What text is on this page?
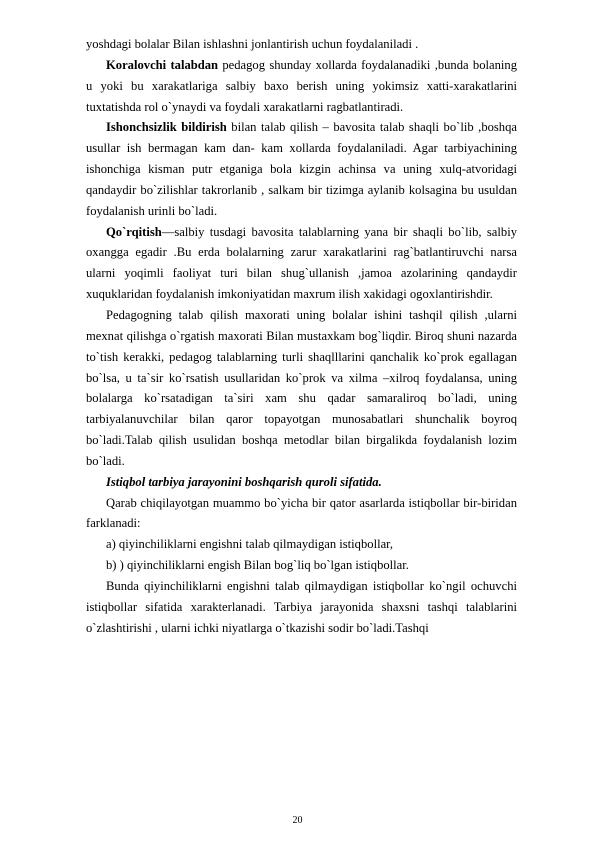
yoshdagi bolalar Bilan ishlashni jonlantirish uchun foydalaniladi .

Koralovchi talabdan pedagog shunday xollarda foydalanadiki ,bunda bolaning u yoki bu xarakatlariga salbiy baxo berish uning yokimsiz xatti-xarakatlarini tuxtatishda rol o`ynaydi va foydali xarakatlarni ragbatlantiradi.

Ishonchsizlik bildirish bilan talab qilish – bavosita talab shaqli bo`lib ,boshqa usullar ish bermagan kam dan- kam xollarda foydalaniladi. Agar tarbiyachining ishonchiga kisman putr etganiga bola kizgin achinsa va uning xulq-atvoridagi qandaydir bo`zilishlar takrorlanib , salkam bir tizimga aylanib kolsagina bu usuldan foydalanish urinli bo`ladi.

Qo`rqitish—salbiy tusdagi bavosita talablarning yana bir shaqli bo`lib, salbiy oxangga egadir .Bu erda bolalarning zarur xarakatlarini rag`batlantiruvchi narsa ularni yoqimli faoliyat turi bilan shug`ullanish ,jamoa azolarining qandaydir xuquklaridan foydalanish imkoniyatidan maxrum ilish xakidagi ogoxlantirishdir.

Pedagogning talab qilish maxorati uning bolalar ishini tashqil qilish ,ularni mexnat qilishga o`rgatish maxorati Bilan mustaxkam bog`liqdir. Biroq shuni nazarda to`tish kerakki, pedagog talablarning turli shaqlllarini qanchalik ko`prok egallagan bo`lsa, u ta`sir ko`rsatish usullaridan ko`prok va xilma –xilroq foydalansa, uning bolalarga ko`rsatadigan ta`siri xam shu qadar samaraliroq bo`ladi, uning tarbiyalanuvchilar bilan qaror topayotgan munosabatlari shunchalik boyroq bo`ladi.Talab qilish usulidan boshqa metodlar bilan birgalikda foydalanish lozim bo`ladi.

Istiqbol tarbiya jarayonini boshqarish quroli sifatida.

Qarab chiqilayotgan muammo bo`yicha bir qator asarlarda istiqbollar bir-biridan farklanadi:

a) qiyinchiliklarni engishni talab qilmaydigan istiqbollar,

b) ) qiyinchiliklarni engish Bilan bog`liq bo`lgan istiqbollar.

Bunda qiyinchiliklarni engishni talab qilmaydigan istiqbollar ko`ngil ochuvchi istiqbollar sifatida xarakterlanadi. Tarbiya jarayonida shaxsni tashqi talablarini o`zlashtirishi , ularni ichki niyatlarga o`tkazishi sodir bo`ladi.Tashqi

20
